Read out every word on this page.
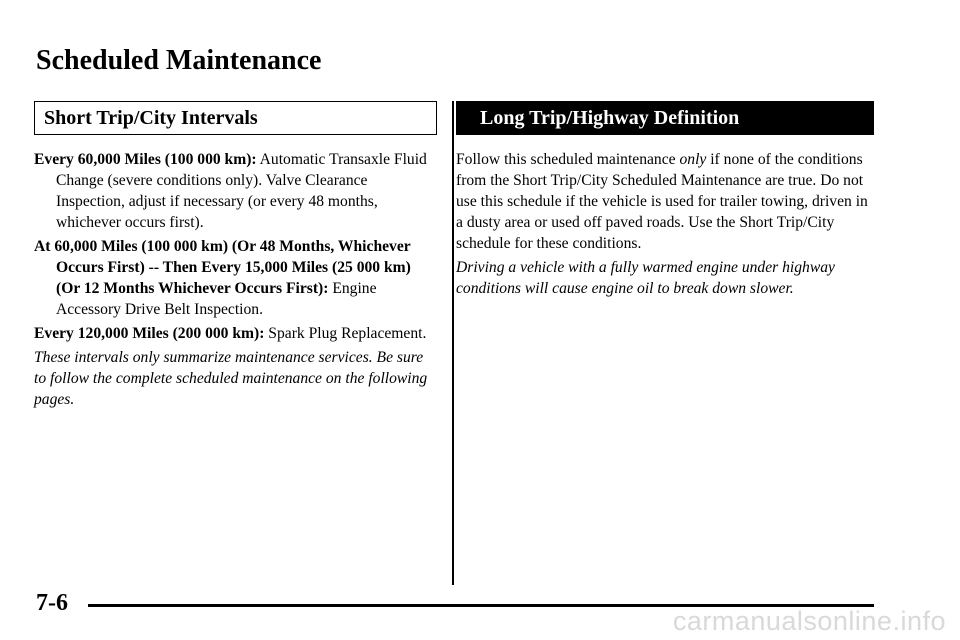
Scheduled Maintenance
Short Trip/City Intervals

Every 60,000 Miles (100 000 km): Automatic Transaxle Fluid Change (severe conditions only). Valve Clearance Inspection, adjust if necessary (or every 48 months, whichever occurs first).

At 60,000 Miles (100 000 km) (Or 48 Months, Whichever Occurs First) -- Then Every 15,000 Miles (25 000 km) (Or 12 Months Whichever Occurs First): Engine Accessory Drive Belt Inspection.

Every 120,000 Miles (200 000 km): Spark Plug Replacement.

These intervals only summarize maintenance services. Be sure to follow the complete scheduled maintenance on the following pages.

Long Trip/Highway Definition

Follow this scheduled maintenance only if none of the conditions from the Short Trip/City Scheduled Maintenance are true. Do not use this schedule if the vehicle is used for trailer towing, driven in a dusty area or used off paved roads. Use the Short Trip/City schedule for these conditions.

Driving a vehicle with a fully warmed engine under highway conditions will cause engine oil to break down slower.

7-6
carmanualsonline.info
